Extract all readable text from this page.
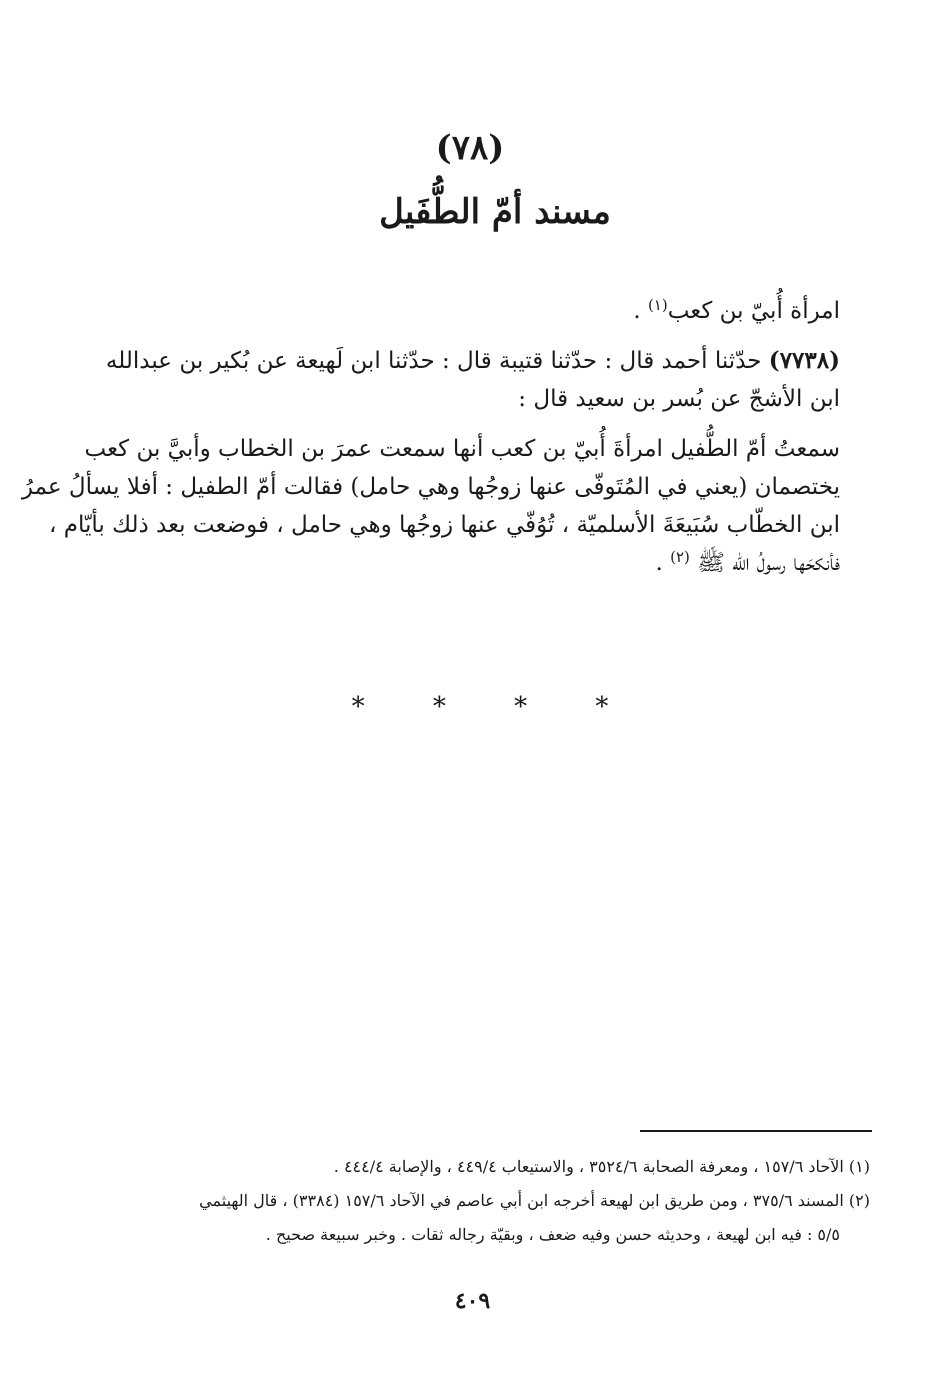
(٧٨)
مسند أمّ الطُّفَيل

امرأة أُبيّ بن كعب$^{(١)}$ .

(٧٧٣٨) حدّثنا أحمد قال : حدّثنا قتيبة قال : حدّثنا ابن لَهيعة عن بُكير بن عبدالله
ابن الأشجّ عن بُسر بن سعيد قال :

سمعتُ أمّ الطُّفيل امرأةَ أُبيّ بن كعب أنها سمعت عمرَ بن الخطاب وأبيَّ بن كعب
يختصمان (يعني في المُتَوفّى عنها زوجُها وهي حامل) فقالت أمّ الطفيل : أفلا يسألُ عمرُ
ابن الخطّاب سُبَيعَةَ الأسلميّة ، تُوُفّي عنها زوجُها وهي حامل ، فوضعت بعد ذلك بأيّام ،
فأنكحَها رسولُ الله ﷺ $^{(٢)}$ .

* * * *
(١) الآحاد ١٥٧/٦ ، ومعرفة الصحابة ٣٥٢٤/٦ ، والاستيعاب ٤٤٩/٤ ، والإصابة ٤٤٤/٤ .
(٢) المسند ٣٧٥/٦ ، ومن طريق ابن لهيعة أخرجه ابن أبي عاصم في الآحاد ١٥٧/٦ (٣٣٨٤) ، قال الهيثمي
٥/٥ : فيه ابن لهيعة ، وحديثه حسن وفيه ضعف ، وبقيّة رجاله ثقات . وخبر سبيعة صحيح .
٤٠٩
